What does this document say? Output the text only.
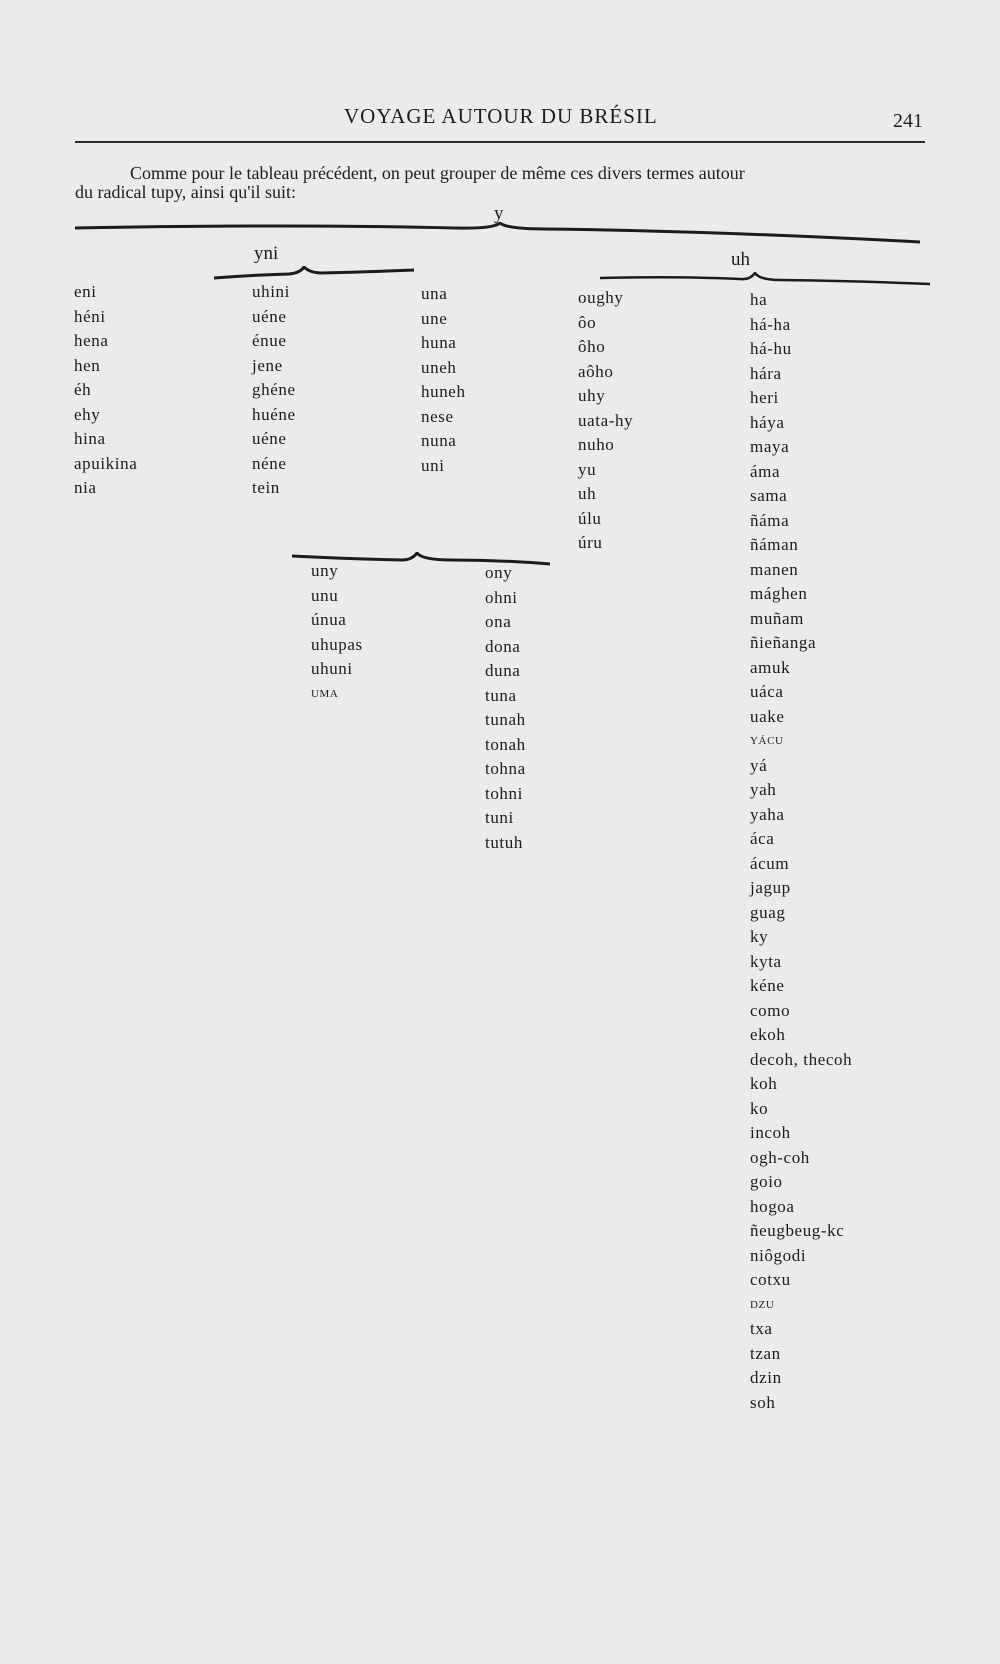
VOYAGE AUTOUR DU BRÉSIL	241
Comme pour le tableau précédent, on peut grouper de même ces divers termes autour
du radical tupy, ainsi qu'il suit:
y
yni	uh
eni
héni
hena
hen
éh
ehy
hina
apuikina
nia
uhini
uéne
énue
jene
ghéne
huéne
uéne
néne
tein
una
une
huna
uneh
huneh
nese
nuna
uni
oughy
ôo
ôho
aôho
uhy
uata-hy
nuho
yu
uh
úlu
úru
ha
há-ha
há-hu
hára
heri
háya
maya
áma
sama
ñáma
ñáman
manen
mághen
muñam
ñieñanga
amuk
uáca
uake
YÁCU
yá
yah
yaha
áca
ácum
jagup
guag
ky
kyta
kéne
como
ekoh
decoh, thecoh
koh
ko
incoh
ogh-coh
goio
hogoa
ñeugbeug-kc
niôgodi
cotxu
DZU
txa
tzan
dzin
soh
uny
unu
únua
uhupas
uhuni
UMA
ony
ohni
ona
dona
duna
tuna
tunah
tonah
tohna
tohni
tuni
tutuh
